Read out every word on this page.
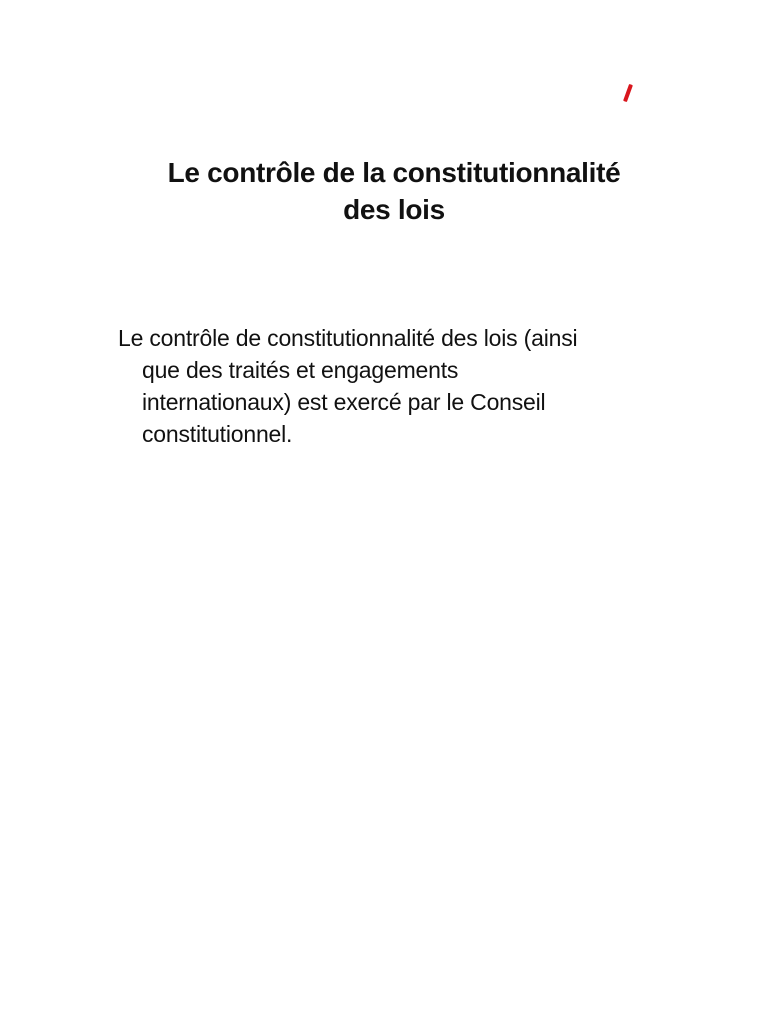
Le contrôle de la constitutionnalité
des lois

Le contrôle de constitutionnalité des lois (ainsi
que des traités et engagements
internationaux) est exercé par le Conseil
constitutionnel.
